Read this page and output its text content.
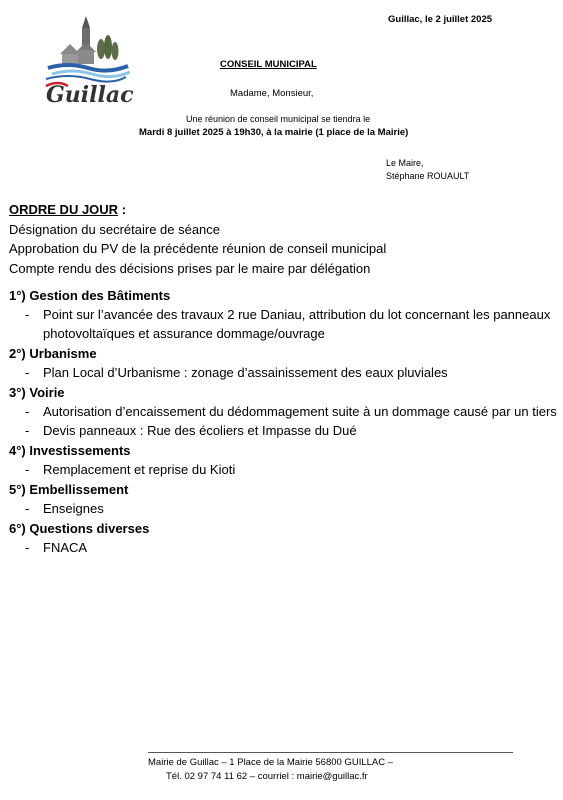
Guillac, le 2 juillet 2025
Guillac
CONSEIL MUNICIPAL
Madame, Monsieur,
Une réunion de conseil municipal se tiendra le
Mardi 8 juillet 2025 à 19h30, à la mairie (1 place de la Mairie)
Le Maire,
Stéphane ROUAULT
ORDRE DU JOUR :
Désignation du secrétaire de séance
Approbation du PV de la précédente réunion de conseil municipal
Compte rendu des décisions prises par le maire par délégation
1°) Gestion des Bâtiments
- Point sur l’avancée des travaux 2 rue Daniau, attribution du lot concernant les panneaux photovoltaïques et assurance dommage/ouvrage
2°) Urbanisme
- Plan Local d’Urbanisme : zonage d’assainissement des eaux pluviales
3°) Voirie
- Autorisation d’encaissement du dédommagement suite à un dommage causé par un tiers
- Devis panneaux : Rue des écoliers et Impasse du Dué
4°) Investissements
- Remplacement et reprise du Kioti
5°) Embellissement
- Enseignes
6°) Questions diverses
- FNACA
Mairie de Guillac – 1 Place de la Mairie 56800 GUILLAC –
Tél. 02 97 74 11 62 – courriel : mairie@guillac.fr
